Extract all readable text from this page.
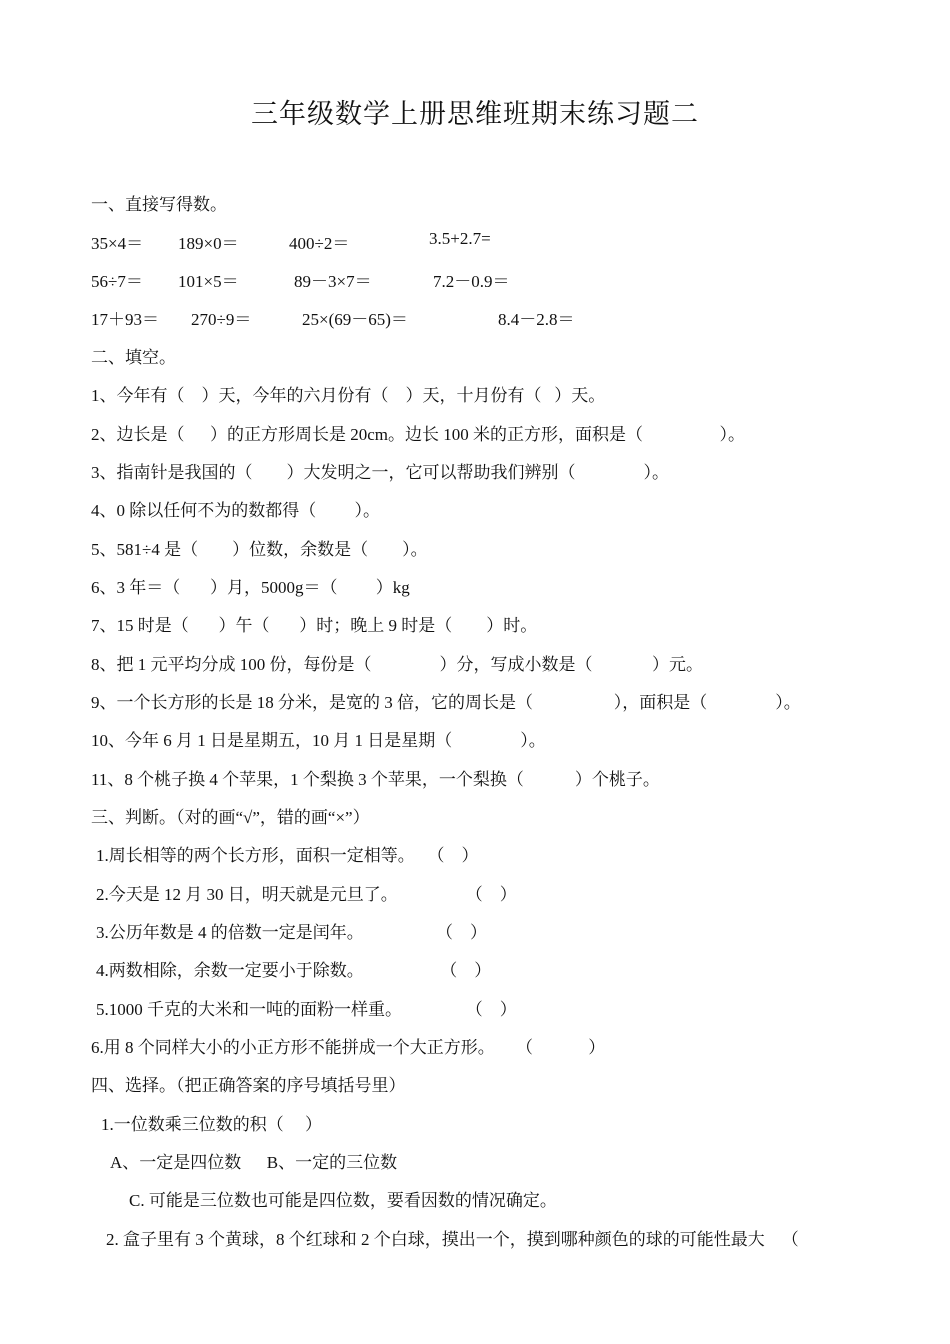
三年级数学上册思维班期末练习题二
一、直接写得数。
35×4＝ 189×0＝	400÷2＝	3.5+2.7=
56÷7＝ 101×5＝	89－3×7＝	7.2－0.9＝
17＋93＝ 270÷9＝	25×(69－65)＝	8.4－2.8＝
二、填空。
1、今年有（    ）天，今年的六月份有（    ）天，十月份有（   ）天。
2、边长是（      ）的正方形周长是 20cm。边长 100 米的正方形，面积是（                  ）。
3、指南针是我国的（        ）大发明之一，它可以帮助我们辨别（                ）。
4、0 除以任何不为的数都得（         ）。
5、581÷4 是（        ）位数，余数是（        ）。
6、3 年＝（       ）月，5000g＝（         ）kg
7、15 时是（       ）午（       ）时；晚上 9 时是（        ）时。
8、把 1 元平均分成 100 份，每份是（                ）分，写成小数是（              ）元。
9、一个长方形的长是 18 分米，是宽的 3 倍，它的周长是（                   ），面积是（                ）。
10、今年 6 月 1 日是星期五，10 月 1 日是星期（                ）。
11、8 个桃子换 4 个苹果，1 个梨换 3 个苹果，一个梨换（            ）个桃子。
三、判断。（对的画“√”，错的画“×”）
1.周长相等的两个长方形，面积一定相等。   （    ）
2.今天是 12 月 30 日，明天就是元旦了。                （    ）
3.公历年数是 4 的倍数一定是闰年。                 （    ）
4.两数相除，余数一定要小于除数。                  （    ）
5.1000 千克的大米和一吨的面粉一样重。               （    ）
6.用 8 个同样大小的小正方形不能拼成一个大正方形。     （             ）
四、选择。（把正确答案的序号填括号里）
1.一位数乘三位数的积（     ）
A、一定是四位数      B、一定的三位数
C. 可能是三位数也可能是四位数，要看因数的情况确定。
2. 盒子里有 3 个黄球，8 个红球和 2 个白球，摸出一个，摸到哪种颜色的球的可能性最大    （
